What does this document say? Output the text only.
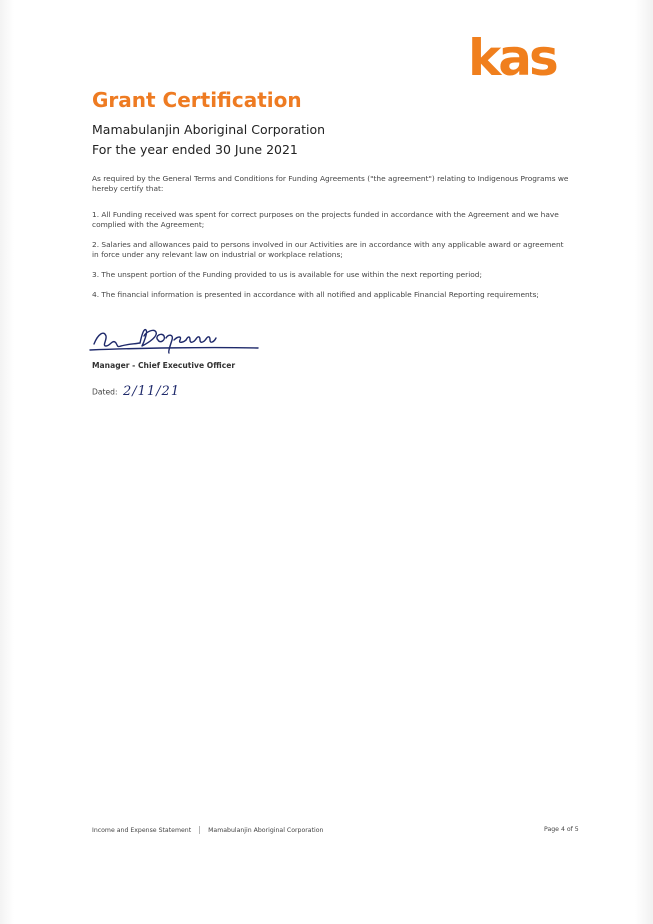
kas
Grant Certification
Mamabulanjin Aboriginal Corporation
For the year ended 30 June 2021

As required by the General Terms and Conditions for Funding Agreements ("the agreement") relating to Indigenous Programs we hereby certify that:

1. All Funding received was spent for correct purposes on the projects funded in accordance with the Agreement and we have complied with the Agreement;

2. Salaries and allowances paid to persons involved in our Activities are in accordance with any applicable award or agreement in force under any relevant law on industrial or workplace relations;

3. The unspent portion of the Funding provided to us is available for use within the next reporting period;

4. The financial information is presented in accordance with all notified and applicable Financial Reporting requirements;

Manager - Chief Executive Officer
Dated: 2/11/21
Income and Expense Statement	Mamabulanjin Aboriginal Corporation	Page 4 of 5
